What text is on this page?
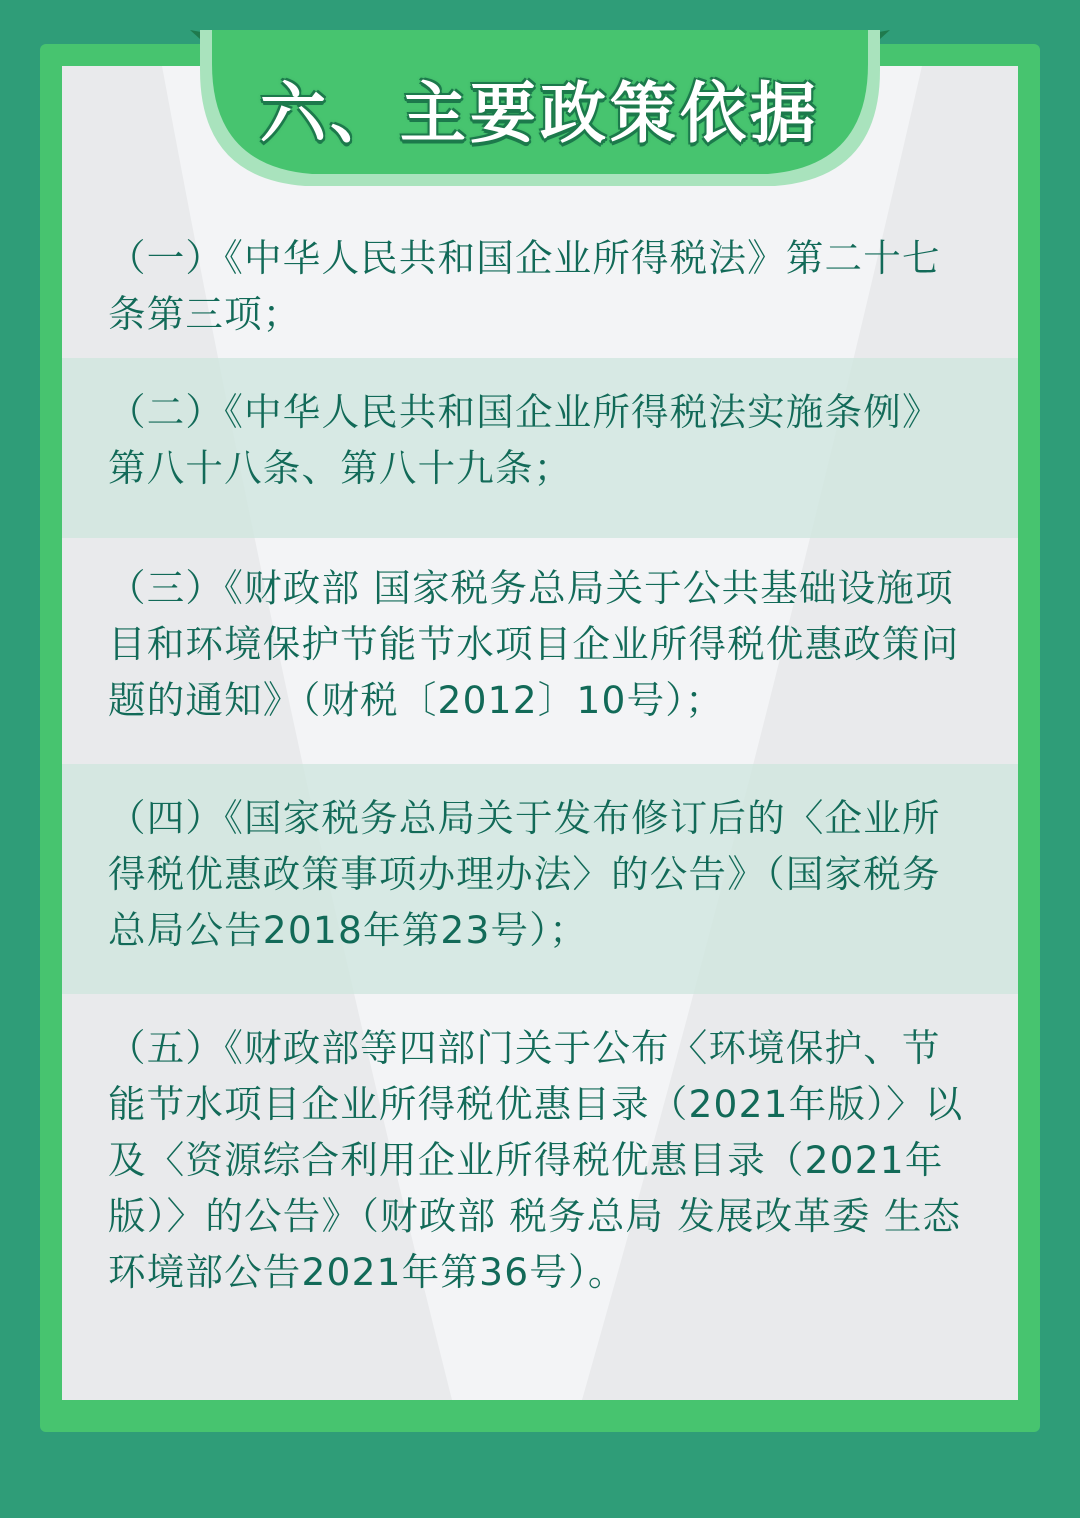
（一）《中华人民共和国企业所得税法》第二十七条第三项；
（二）《中华人民共和国企业所得税法实施条例》第八十八条、第八十九条；
（三）《财政部 国家税务总局关于公共基础设施项目和环境保护节能节水项目企业所得税优惠政策问题的通知》（财税〔2012〕10号）；
（四）《国家税务总局关于发布修订后的〈企业所得税优惠政策事项办理办法〉的公告》（国家税务总局公告2018年第23号）；
（五）《财政部等四部门关于公布〈环境保护、节能节水项目企业所得税优惠目录（2021年版）〉以及〈资源综合利用企业所得税优惠目录（2021年版）〉的公告》（财政部 税务总局 发展改革委 生态环境部公告2021年第36号）。
六、主要政策依据
